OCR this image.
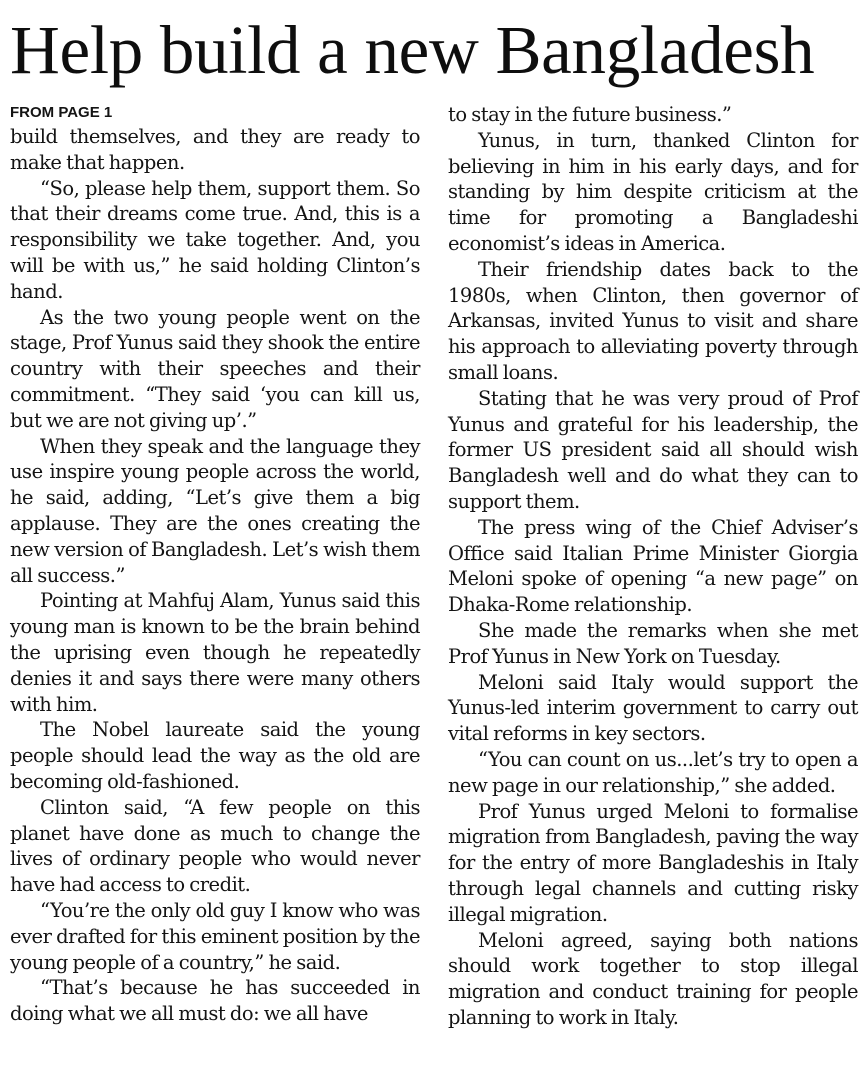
Help build a new Bangladesh
FROM PAGE 1

build themselves, and they are ready to make that happen.

“So, please help them, support them. So that their dreams come true. And, this is a responsibility we take together. And, you will be with us,” he said holding Clinton’s hand.

As the two young people went on the stage, Prof Yunus said they shook the entire country with their speeches and their commitment. “They said ‘you can kill us, but we are not giving up’.”

When they speak and the language they use inspire young people across the world, he said, adding, “Let’s give them a big applause. They are the ones creating the new version of Bangladesh. Let’s wish them all success.”

Pointing at Mahfuj Alam, Yunus said this young man is known to be the brain behind the uprising even though he repeatedly denies it and says there were many others with him.

The Nobel laureate said the young people should lead the way as the old are becoming old-fashioned.

Clinton said, “A few people on this planet have done as much to change the lives of ordinary people who would never have had access to credit.

“You’re the only old guy I know who was ever drafted for this eminent position by the young people of a country,” he said.

“That’s because he has succeeded in doing what we all must do: we all have

to stay in the future business.”

Yunus, in turn, thanked Clinton for believing in him in his early days, and for standing by him despite criticism at the time for promoting a Bangladeshi economist’s ideas in America.

Their friendship dates back to the 1980s, when Clinton, then governor of Arkansas, invited Yunus to visit and share his approach to alleviating poverty through small loans.

Stating that he was very proud of Prof Yunus and grateful for his leadership, the former US president said all should wish Bangladesh well and do what they can to support them.

The press wing of the Chief Adviser’s Office said Italian Prime Minister Giorgia Meloni spoke of opening “a new page” on Dhaka-Rome relationship.

She made the remarks when she met Prof Yunus in New York on Tuesday.

Meloni said Italy would support the Yunus-led interim government to carry out vital reforms in key sectors.

“You can count on us...let’s try to open a new page in our relationship,” she added.

Prof Yunus urged Meloni to formalise migration from Bangladesh, paving the way for the entry of more Bangladeshis in Italy through legal channels and cutting risky illegal migration.

Meloni agreed, saying both nations should work together to stop illegal migration and conduct training for people planning to work in Italy.
